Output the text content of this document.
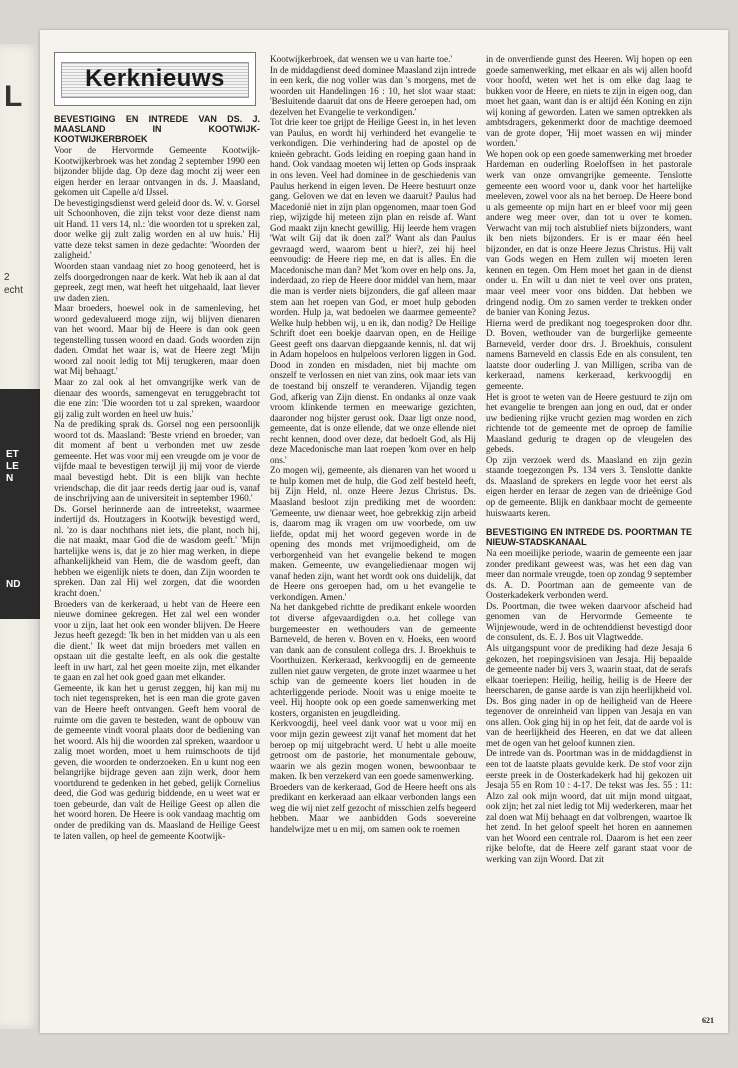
L
2
echt
ET
LE
N
ND
Kerknieuws
BEVESTIGING EN INTREDE VAN DS. J. MAASLAND IN KOOTWIJK-KOOTWIJKERBROEK

Voor de Hervormde Gemeente Kootwijk-Kootwijkerbroek was het zondag 2 september 1990 een bijzonder blijde dag. Op deze dag mocht zij weer een eigen herder en leraar ontvangen in ds. J. Maasland, gekomen uit Capelle a/d IJssel.

De bevestigingsdienst werd geleid door ds. W. v. Gorsel uit Schoonhoven, die zijn tekst voor deze dienst nam uit Hand. 11 vers 14, nl.: 'die woorden tot u spreken zal, door welke gij zult zalig worden en al uw huis.' Hij vatte deze tekst samen in deze gedachte: 'Woorden der zaligheid.'

Woorden staan vandaag niet zo hoog genoteerd, het is zelfs doorgedrongen naar de kerk. Wat heb ik aan al dat gepreek, zegt men, wat heeft het uitgehaald, laat liever uw daden zien.

Maar broeders, hoewel ook in de samenleving, het woord gedevalueerd moge zijn, wij blijven dienaren van het woord. Maar bij de Heere is dan ook geen tegenstelling tussen woord en daad. Gods woorden zijn daden. Omdat het waar is, wat de Heere zegt 'Mijn woord zal nooit ledig tot Mij terugkeren, maar doen wat Mij behaagt.'

Maar zo zal ook al het omvangrijke werk van de dienaar des woords, samengevat en teruggebracht tot die ene zin: 'Die woorden tot u zal spreken, waardoor gij zalig zult worden en heel uw huis.'

Na de prediking sprak ds. Gorsel nog een persoonlijk woord tot ds. Maasland: 'Beste vriend en broeder, van dit moment af bent u verbonden met uw zesde gemeente. Het was voor mij een vreugde om je voor de vijfde maal te bevestigen terwijl jij mij voor de vierde maal bevestigd hebt. Dit is een blijk van hechte vriendschap, die dit jaar reeds dertig jaar oud is, vanaf de inschrijving aan de universiteit in september 1960.'

Ds. Gorsel herinnerde aan de intreetekst, waarmee indertijd ds. Houtzagers in Kootwijk bevestigd werd, nl. 'zo is daar nochthans niet iets, die plant, noch hij, die nat maakt, maar God die de wasdom geeft.' 'Mijn hartelijke wens is, dat je zo hier mag werken, in diepe afhankelijkheid van Hem, die de wasdom geeft, dan hebben we eigenlijk niets te doen, dan Zijn woorden te spreken. Dan zal Hij wel zorgen, dat die woorden kracht doen.'

Broeders van de kerkeraad, u hebt van de Heere een nieuwe dominee gekregen. Het zal wel een wonder voor u zijn, laat het ook een wonder blijven. De Heere Jezus heeft gezegd: 'Ik ben in het midden van u als een die dient.' Ik weet dat mijn broeders met vallen en opstaan uit die gestalte leeft, en als ook die gestalte leeft in uw hart, zal het geen moeite zijn, met elkander te gaan en zal het ook goed gaan met elkander.

Gemeente, ik kan het u gerust zeggen, hij kan mij nu toch niet tegenspreken, het is een man die grote gaven van de Heere heeft ontvangen. Geeft hem vooral de ruimte om die gaven te besteden, want de opbouw van de gemeente vindt vooral plaats door de bediening van het woord. Als hij die woorden zal spreken, waardoor u zalig moet worden, moet u hem ruimschoots de tijd geven, die woorden te onderzoeken. En u kunt nog een belangrijke bijdrage geven aan zijn werk, door hem voortdurend te gedenken in het gebed, gelijk Cornelius deed, die God was gedurig biddende, en u weet wat er toen gebeurde, dan valt de Heilige Geest op allen die het woord horen. De Heere is ook vandaag machtig om onder de prediking van ds. Maasland de Heilige Geest te laten vallen, op heel de gemeente Kootwijk-

Kootwijkerbroek, dat wensen we u van harte toe.'

In de middagdienst deed dominee Maasland zijn intrede in een kerk, die nog voller was dan 's morgens, met de woorden uit Handelingen 16 : 10, het slot waar staat: 'Besluitende daaruit dat ons de Heere geroepen had, om dezelven het Evangelie te verkondigen.'

Tot drie keer toe grijpt de Heilige Geest in, in het leven van Paulus, en wordt hij verhinderd het evangelie te verkondigen. Die verhindering had de apostel op de knieën gebracht. Gods leiding en roeping gaan hand in hand. Ook vandaag moeten wij letten op Gods inspraak in ons leven. Veel had dominee in de geschiedenis van Paulus herkend in eigen leven. De Heere bestuurt onze gang. Geloven we dat en leven we daaruit? Paulus had Macedonië niet in zijn plan opgenomen, maar toen God riep, wijzigde hij meteen zijn plan en reisde af. Want God maakt zijn knecht gewillig. Hij leerde hem vragen 'Wat wilt Gij dat ik doen zal?' Want als dan Paulus gevraagd werd, waarom bent u hier?, zei hij heel eenvoudig: de Heere riep me, en dat is alles. En die Macedonische man dan? Met 'kom over en help ons. Ja, inderdaad, zo riep de Heere door middel van hem, maar die man is verder niets bijzonders, die gaf alleen maar stem aan het roepen van God, er moet hulp geboden worden. Hulp ja, wat bedoelen we daarmee gemeente? Welke hulp hebben wij, u en ik, dan nodig? De Heilige Schrift doet een boekje daarvan open, en de Heilige Geest geeft ons daarvan diepgaande kennis, nl. dat wij in Adam hopeloos en hulpeloos verloren liggen in God. Dood in zonden en misdaden, niet bij machte om onszelf te verlossen en niet van zins, ook maar iets van de toestand bij onszelf te veranderen. Vijandig tegen God, afkerig van Zijn dienst. En ondanks al onze vaak vroom klinkende termen en meewarige gezichten, daaronder nog bijster gerust ook. Daar ligt onze nood, gemeente, dat is onze ellende, dat we onze ellende niet recht kennen, dood over deze, dat bedoelt God, als Hij deze Macedonische man laat roepen 'kom over en help ons.'

Zo mogen wij, gemeente, als dienaren van het woord u te hulp komen met de hulp, die God zelf besteld heeft, bij Zijn Held, nl. onze Heere Jezus Christus. Ds. Maasland besloot zijn prediking met de woorden: 'Gemeente, uw dienaar weet, hoe gebrekkig zijn arbeid is, daarom mag ik vragen om uw voorbede, om uw liefde, opdat mij het woord gegeven worde in de opening des monds met vrijmoedigheid, om de verborgenheid van het evangelie bekend te mogen maken. Gemeente, uw evangeliedienaar mogen wij vanaf heden zijn, want het wordt ook ons duidelijk, dat de Heere ons geroepen had, om u het evangelie te verkondigen. Amen.'

Na het dankgebed richtte de predikant enkele woorden tot diverse afgevaardigden o.a. het college van burgemeester en wethouders van de gemeente Barneveld, de heren v. Boven en v. Hoeks, een woord van dank aan de consulent collega drs. J. Broekhuis te Voorthuizen. Kerkeraad, kerkvoogdij en de gemeente zullen niet gauw vergeten, de grote inzet waarmee u het schip van de gemeente koers liet houden in de achterliggende periode. Nooit was u enige moeite te veel. Hij hoopte ook op een goede samenwerking met kosters, organisten en jeugdleiding.

Kerkvoogdij, heel veel dank voor wat u voor mij en voor mijn gezin geweest zijt vanaf het moment dat het beroep op mij uitgebracht werd. U hebt u alle moeite getroost om de pastorie, het monumentale gebouw, waarin we als gezin mogen wonen, bewoonbaar te maken. Ik ben verzekerd van een goede samenwerking.

Broeders van de kerkeraad, God de Heere heeft ons als predikant en kerkeraad aan elkaar verbonden langs een weg die wij niet zelf gezocht of misschien zelfs begeerd hebben. Maar we aanbidden Gods soevereine handelwijze met u en mij, om samen ook te roemen

in de onverdiende gunst des Heeren. Wij hopen op een goede samenwerking, met elkaar en als wij allen hoofd voor hoofd, weten wet het is om elke dag laag te bukken voor de Heere, en niets te zijn in eigen oog, dan moet het gaan, want dan is er altijd één Koning en zijn wij koning af geworden. Laten we samen optrekken als ambtsdragers, gekenmerkt door de machtige deemoed van de grote doper, 'Hij moet wassen en wij minder worden.'

We hopen ook op een goede samenwerking met broeder Hardeman en ouderling Roeloffsen in het pastorale werk van onze omvangrijke gemeente. Tenslotte gemeente een woord voor u, dank voor het hartelijke meeleven, zowel voor als na het beroep. De Heere bond u als gemeente op mijn hart en er bleef voor mij geen andere weg meer over, dan tot u over te komen. Verwacht van mij toch alstublief niets bijzonders, want ik ben niets bijzonders. Er is er maar één heel bijzonder, en dat is onze Heere Jezus Christus. Hij valt van Gods wegen en Hem zullen wij moeten leren kennen en tegen. Om Hem moet het gaan in de dienst onder u. En wilt u dan niet te veel over ons praten, maar veel meer voor ons bidden. Dat hebben we dringend nodig. Om zo samen verder te trekken onder de banier van Koning Jezus.

Hierna werd de predikant nog toegesproken door dhr. D. Boven, wethouder van de burgerlijke gemeente Barneveld, verder door drs. J. Broekhuis, consulent namens Barneveld en classis Ede en als consulent, ten laatste door ouderling J. van Milligen, scriba van de kerkeraad, namens kerkeraad, kerkvoogdij en gemeente.

Het is groot te weten van de Heere gestuurd te zijn om het evangelie te brengen aan jong en oud, dat er onder uw bediening rijke vrucht gezien mag worden en zich richtende tot de gemeente met de oproep de familie Maasland gedurig te dragen op de vleugelen des gebeds.

Op zijn verzoek werd ds. Maasland en zijn gezin staande toegezongen Ps. 134 vers 3. Tenslotte dankte ds. Maasland de sprekers en legde voor het eerst als eigen herder en leraar de zegen van de drieënige God op de gemeente. Blijk en dankbaar mocht de gemeente huiswaarts keren.

BEVESTIGING EN INTREDE DS. POORTMAN TE NIEUW-STADSKANAAL

Na een moeilijke periode, waarin de gemeente een jaar zonder predikant geweest was, was het een dag van meer dan normale vreugde, toen op zondag 9 september ds. A. D. Poortman aan de gemeente van de Oosterkadekerk verbonden werd.

Ds. Poortman, die twee weken daarvoor afscheid had genomen van de Hervormde Gemeente te Wijnjewoude, werd in de ochtenddienst bevestigd door de consulent, ds. E. J. Bos uit Vlagtwedde.

Als uitgangspunt voor de prediking had deze Jesaja 6 gekozen, het roepingsvisioen van Jesaja. Hij bepaalde de gemeente nader bij vers 3, waarin staat, dat de serafs elkaar toeriepen: Heilig, heilig, heilig is de Heere der heerscharen, de ganse aarde is van zijn heerlijkheid vol. Ds. Bos ging nader in op de heiligheid van de Heere tegenover de onreinheid van lippen van Jesaja en van ons allen. Ook ging hij in op het feit, dat de aarde vol is van de heerlijkheid des Heeren, en dat we dat alleen met de ogen van het geloof kunnen zien.

De intrede van ds. Poortman was in de middagdienst in een tot de laatste plaats gevulde kerk. De stof voor zijn eerste preek in de Oosterkadekerk had hij gekozen uit Jesaja 55 en Rom 10 : 4-17. De tekst was Jes. 55 : 11: Alzo zal ook mijn woord, dat uit mijn mond uitgaat, ook zijn; het zal niet ledig tot Mij wederkeren, maar het zal doen wat Mij behaagt en dat volbrengen, waartoe Ik het zend. In het geloof speelt het horen en aannemen van het Woord een centrale rol. Daarom is het een zeer rijke belofte, dat de Heere zelf garant staat voor de werking van zijn Woord. Dat zit

621
